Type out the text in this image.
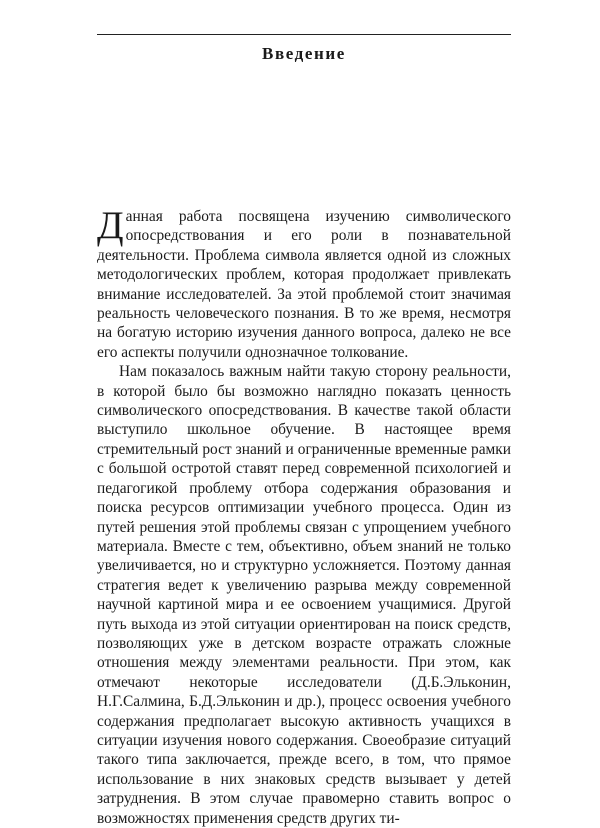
Введение

Данная работа посвящена изучению символического опосредствования и его роли в познавательной деятельности. Проблема символа является одной из сложных методологических проблем, которая продолжает привлекать внимание исследователей. За этой проблемой стоит значимая реальность человеческого познания. В то же время, несмотря на богатую историю изучения данного вопроса, далеко не все его аспекты получили однозначное толкование.

Нам показалось важным найти такую сторону реальности, в которой было бы возможно наглядно показать ценность символического опосредствования. В качестве такой области выступило школьное обучение. В настоящее время стремительный рост знаний и ограниченные временные рамки с большой остротой ставят перед современной психологией и педагогикой проблему отбора содержания образования и поиска ресурсов оптимизации учебного процесса. Один из путей решения этой проблемы связан с упрощением учебного материала. Вместе с тем, объективно, объем знаний не только увеличивается, но и структурно усложняется. Поэтому данная стратегия ведет к увеличению разрыва между современной научной картиной мира и ее освоением учащимися. Другой путь выхода из этой ситуации ориентирован на поиск средств, позволяющих уже в детском возрасте отражать сложные отношения между элементами реальности. При этом, как отмечают некоторые исследователи (Д.Б.Эльконин, Н.Г.Салмина, Б.Д.Эльконин и др.), процесс освоения учебного содержания предполагает высокую активность учащихся в ситуации изучения нового содержания. Своеобразие ситуаций такого типа заключается, прежде всего, в том, что прямое использование в них знаковых средств вызывает у детей затруднения. В этом случае правомерно ставить вопрос о возможностях применения средств других ти-
